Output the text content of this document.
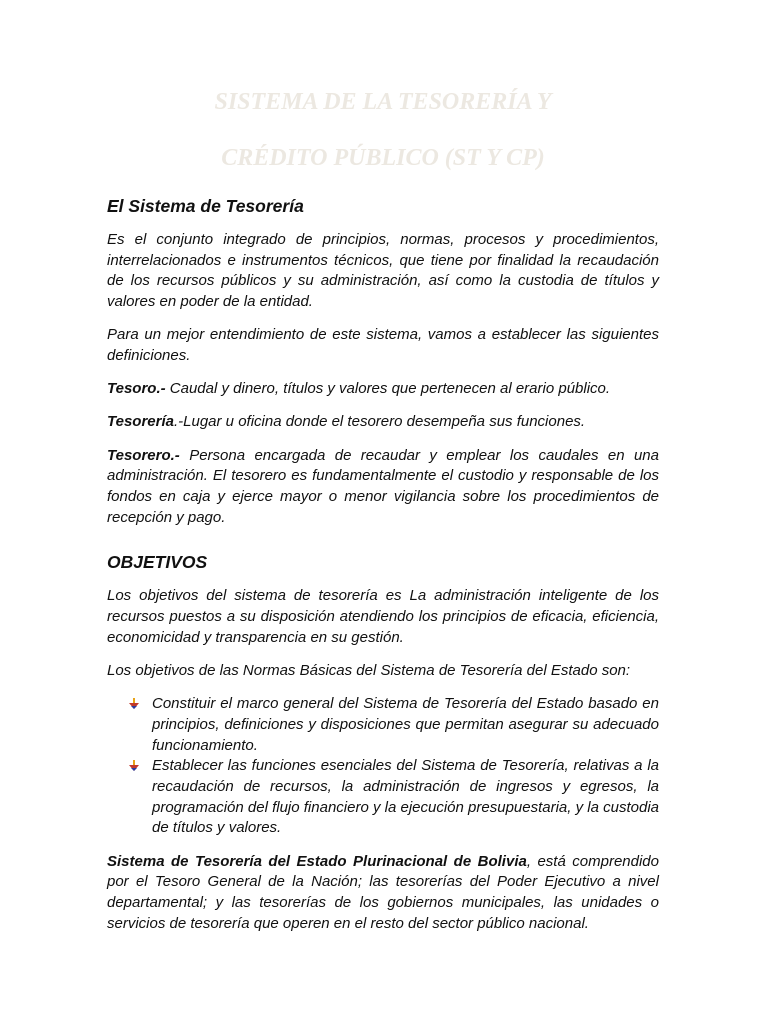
SISTEMA DE LA TESORERÍA Y
CRÉDITO PÚBLICO (ST Y CP)
El Sistema de Tesorería

Es el conjunto integrado de principios, normas, procesos y procedimientos, interrelacionados e instrumentos técnicos, que tiene por finalidad la recaudación de los recursos públicos y su administración, así como la custodia de títulos y valores en poder de la entidad.

Para un mejor entendimiento de este sistema, vamos a establecer las siguientes definiciones.

Tesoro.- Caudal y dinero, títulos y valores que pertenecen al erario público.

Tesorería.-Lugar u oficina donde el tesorero desempeña sus funciones.

Tesorero.- Persona encargada de recaudar y emplear los caudales en una administración. El tesorero es fundamentalmente el custodio y responsable de los fondos en caja y ejerce mayor o menor vigilancia sobre los procedimientos de recepción y pago.

OBJETIVOS

Los objetivos del sistema de tesorería es La administración inteligente de los recursos puestos a su disposición atendiendo los principios de eficacia, eficiencia, economicidad y transparencia en su gestión.

Los objetivos de las Normas Básicas del Sistema de Tesorería del Estado son:

Constituir el marco general del Sistema de Tesorería del Estado basado en principios, definiciones y disposiciones que permitan asegurar su adecuado funcionamiento.
Establecer las funciones esenciales del Sistema de Tesorería, relativas a la recaudación de recursos, la administración de ingresos y egresos, la programación del flujo financiero y la ejecución presupuestaria, y la custodia de títulos y valores.

Sistema de Tesorería del Estado Plurinacional de Bolivia, está comprendido por el Tesoro General de la Nación; las tesorerías del Poder Ejecutivo a nivel departamental; y las tesorerías de los gobiernos municipales, las unidades o servicios de tesorería que operen en el resto del sector público nacional.
